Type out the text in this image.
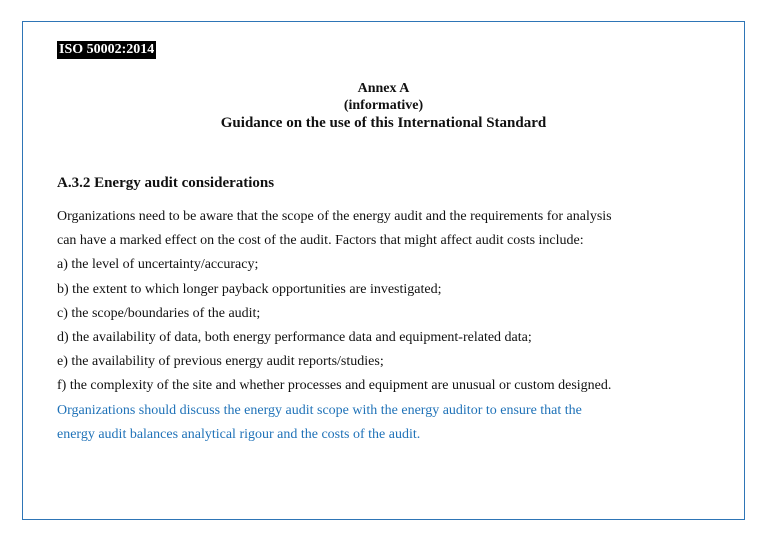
ISO 50002:2014
Annex A
(informative)
Guidance on the use of this International Standard
A.3.2 Energy audit considerations
Organizations need to be aware that the scope of the energy audit and the requirements for analysis
can have a marked effect on the cost of the audit. Factors that might affect audit costs include:
a) the level of uncertainty/accuracy;
b) the extent to which longer payback opportunities are investigated;
c) the scope/boundaries of the audit;
d) the availability of data, both energy performance data and equipment-related data;
e) the availability of previous energy audit reports/studies;
f) the complexity of the site and whether processes and equipment are unusual or custom designed.
Organizations should discuss the energy audit scope with the energy auditor to ensure that the
energy audit balances analytical rigour and the costs of the audit.
